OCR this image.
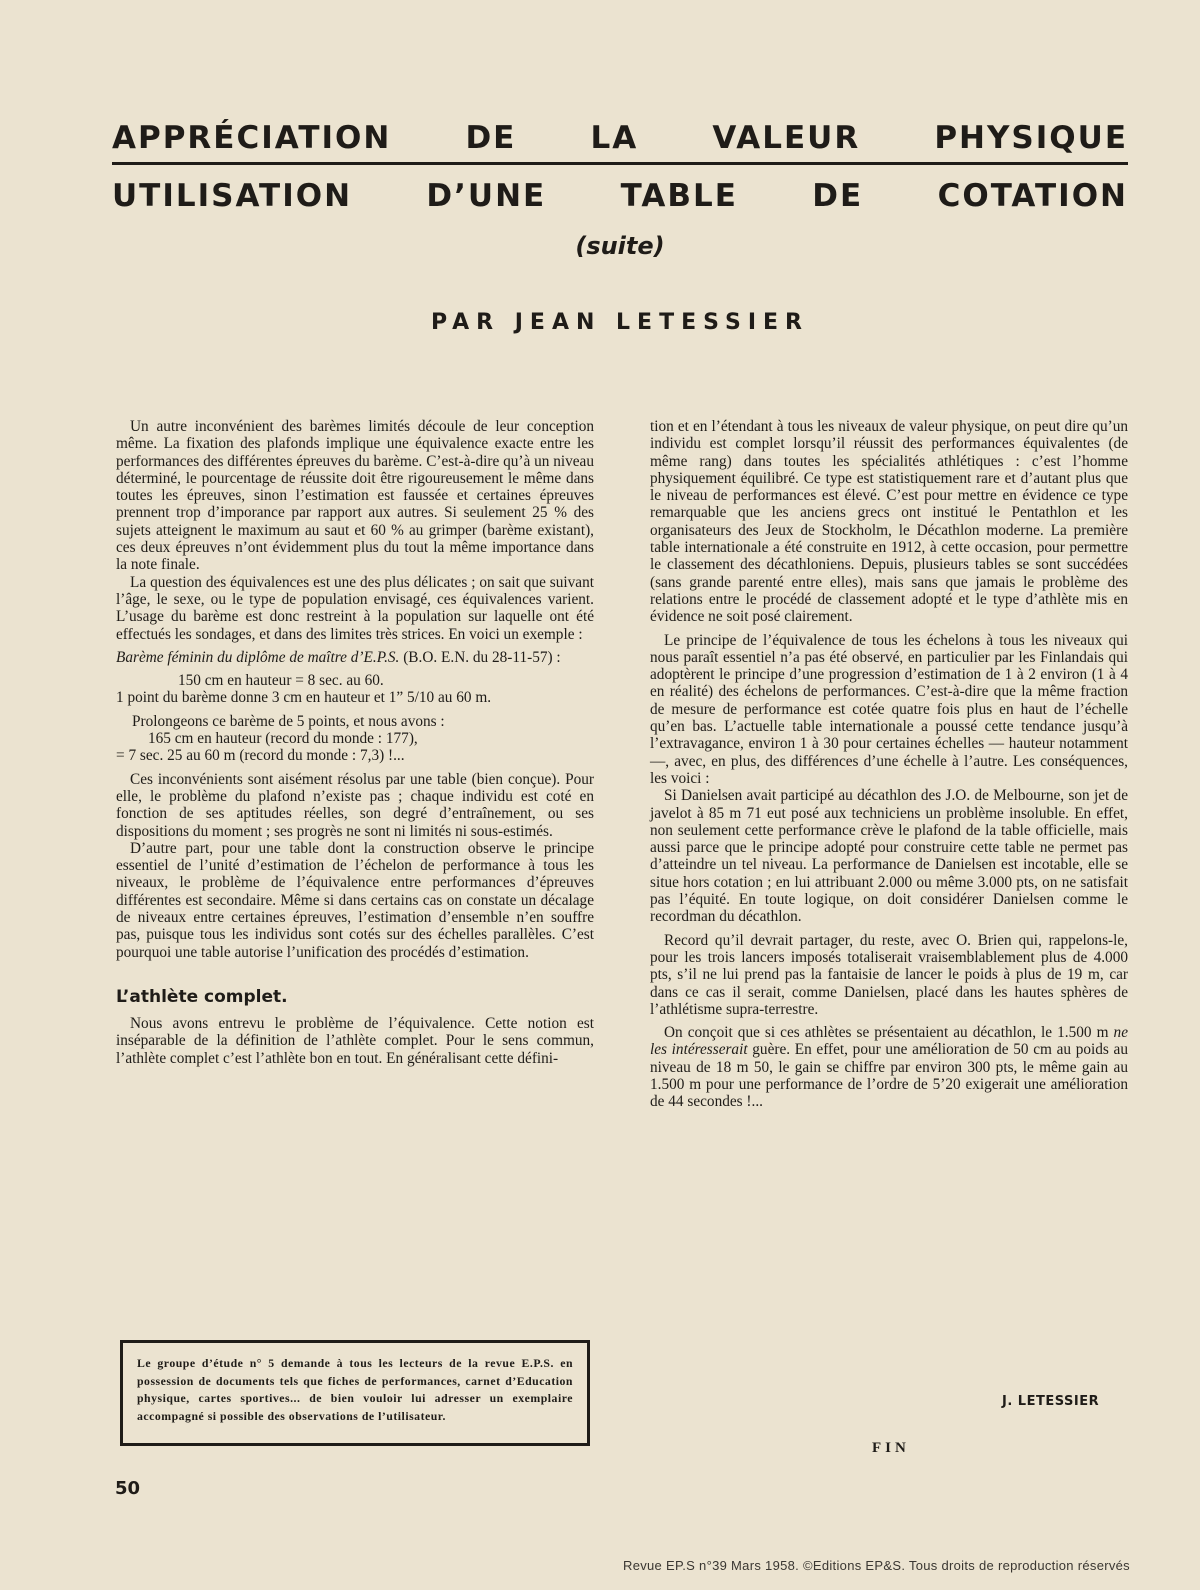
APPRÉCIATION DE LA VALEUR PHYSIQUE
UTILISATION D’UNE TABLE DE COTATION

(suite)

PAR JEAN LETESSIER

Un autre inconvénient des barèmes limités découle de leur conception même. La fixation des plafonds implique une équivalence exacte entre les performances des différentes épreuves du barème. C’est-à-dire qu’à un niveau déterminé, le pourcentage de réussite doit être rigoureusement le même dans toutes les épreuves, sinon l’estimation est faussée et certaines épreuves prennent trop d’imporance par rapport aux autres. Si seulement 25 % des sujets atteignent le maximum au saut et 60 % au grimper (barème existant), ces deux épreuves n’ont évidemment plus du tout la même importance dans la note finale.

La question des équivalences est une des plus délicates ; on sait que suivant l’âge, le sexe, ou le type de population envisagé, ces équivalences varient. L’usage du barème est donc restreint à la population sur laquelle ont été effectués les sondages, et dans des limites très strices. En voici un exemple :

Barème féminin du diplôme de maître d’E.P.S. (B.O. E.N. du 28-11-57) :

150 cm en hauteur = 8 sec. au 60.

1 point du barème donne 3 cm en hauteur et 1” 5/10 au 60 m.

Prolongeons ce barème de 5 points, et nous avons :

165 cm en hauteur (record du monde : 177),

= 7 sec. 25 au 60 m (record du monde : 7,3) !...

Ces inconvénients sont aisément résolus par une table (bien conçue). Pour elle, le problème du plafond n’existe pas ; chaque individu est coté en fonction de ses aptitudes réelles, son degré d’entraînement, ou ses dispositions du moment ; ses progrès ne sont ni limités ni sous-estimés.

D’autre part, pour une table dont la construction observe le principe essentiel de l’unité d’estimation de l’échelon de performance à tous les niveaux, le problème de l’équivalence entre performances d’épreuves différentes est secondaire. Même si dans certains cas on constate un décalage de niveaux entre certaines épreuves, l’estimation d’ensemble n’en souffre pas, puisque tous les individus sont cotés sur des échelles parallèles. C’est pourquoi une table autorise l’unification des procédés d’estimation.

L’athlète complet.

Nous avons entrevu le problème de l’équivalence. Cette notion est inséparable de la définition de l’athlète complet. Pour le sens commun, l’athlète complet c’est l’athlète bon en tout. En généralisant cette défini-

tion et en l’étendant à tous les niveaux de valeur physique, on peut dire qu’un individu est complet lorsqu’il réussit des performances équivalentes (de même rang) dans toutes les spécialités athlétiques : c’est l’homme physiquement équilibré. Ce type est statistiquement rare et d’autant plus que le niveau de performances est élevé. C’est pour mettre en évidence ce type remarquable que les anciens grecs ont institué le Pentathlon et les organisateurs des Jeux de Stockholm, le Décathlon moderne. La première table internationale a été construite en 1912, à cette occasion, pour permettre le classement des décathloniens. Depuis, plusieurs tables se sont succédées (sans grande parenté entre elles), mais sans que jamais le problème des relations entre le procédé de classement adopté et le type d’athlète mis en évidence ne soit posé clairement.

Le principe de l’équivalence de tous les échelons à tous les niveaux qui nous paraît essentiel n’a pas été observé, en particulier par les Finlandais qui adoptèrent le principe d’une progression d’estimation de 1 à 2 environ (1 à 4 en réalité) des échelons de performances. C’est-à-dire que la même fraction de mesure de performance est cotée quatre fois plus en haut de l’échelle qu’en bas. L’actuelle table internationale a poussé cette tendance jusqu’à l’extravagance, environ 1 à 30 pour certaines échelles — hauteur notamment —, avec, en plus, des différences d’une échelle à l’autre. Les conséquences, les voici :

Si Danielsen avait participé au décathlon des J.O. de Melbourne, son jet de javelot à 85 m 71 eut posé aux techniciens un problème insoluble. En effet, non seulement cette performance crève le plafond de la table officielle, mais aussi parce que le principe adopté pour construire cette table ne permet pas d’atteindre un tel niveau. La performance de Danielsen est incotable, elle se situe hors cotation ; en lui attribuant 2.000 ou même 3.000 pts, on ne satisfait pas l’équité. En toute logique, on doit considérer Danielsen comme le recordman du décathlon.

Record qu’il devrait partager, du reste, avec O. Brien qui, rappelons-le, pour les trois lancers imposés totaliserait vraisemblablement plus de 4.000 pts, s’il ne lui prend pas la fantaisie de lancer le poids à plus de 19 m, car dans ce cas il serait, comme Danielsen, placé dans les hautes sphères de l’athlétisme supra-terrestre.

On conçoit que si ces athlètes se présentaient au décathlon, le 1.500 m ne les intéresserait guère. En effet, pour une amélioration de 50 cm au poids au niveau de 18 m 50, le gain se chiffre par environ 300 pts, le même gain au 1.500 m pour une performance de l’ordre de 5’20 exigerait une amélioration de 44 secondes !...

Le groupe d’étude n° 5 demande à tous les lecteurs de la revue E.P.S. en possession de documents tels que fiches de performances, carnet d’Education physique, cartes sportives... de bien vouloir lui adresser un exemplaire accompagné si possible des observations de l’utilisateur.

J. LETESSIER

FIN

50

Revue EP.S n°39 Mars 1958. ©Editions EP&S. Tous droits de reproduction réservés
